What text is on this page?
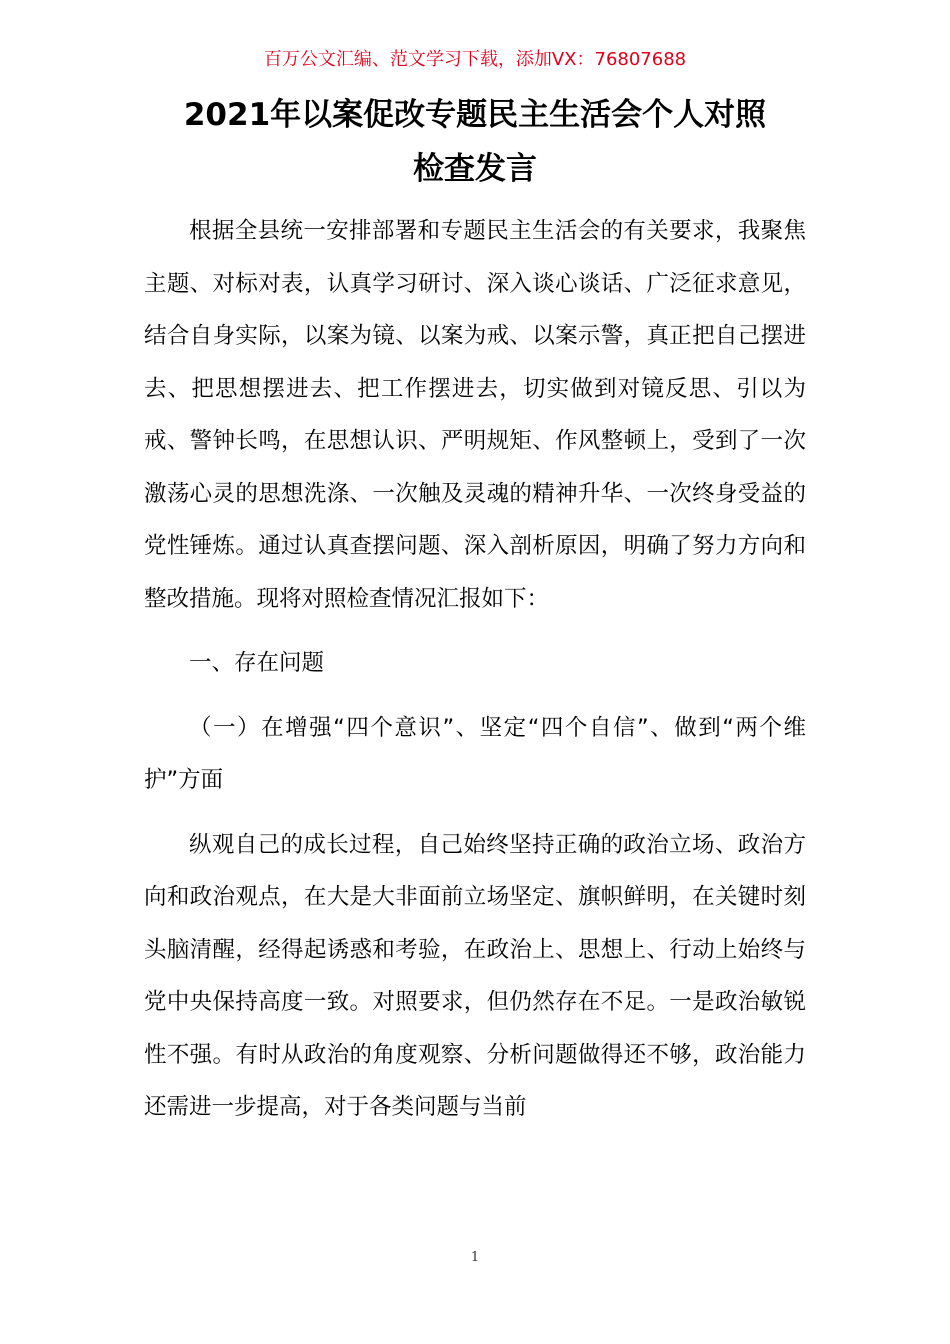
百万公文汇编、范文学习下载，添加VX：76807688
2021年以案促改专题民主生活会个人对照
检查发言

根据全县统一安排部署和专题民主生活会的有关要求，我聚焦主题、对标对表，认真学习研讨、深入谈心谈话、广泛征求意见，结合自身实际，以案为镜、以案为戒、以案示警，真正把自己摆进去、把思想摆进去、把工作摆进去，切实做到对镜反思、引以为戒、警钟长鸣，在思想认识、严明规矩、作风整顿上，受到了一次激荡心灵的思想洗涤、一次触及灵魂的精神升华、一次终身受益的党性锤炼。通过认真查摆问题、深入剖析原因，明确了努力方向和整改措施。现将对照检查情况汇报如下：

一、存在问题

（一）在增强“四个意识”、坚定“四个自信”、做到“两个维护”方面

纵观自己的成长过程，自己始终坚持正确的政治立场、政治方向和政治观点，在大是大非面前立场坚定、旗帜鲜明，在关键时刻头脑清醒，经得起诱惑和考验，在政治上、思想上、行动上始终与党中央保持高度一致。对照要求，但仍然存在不足。一是政治敏锐性不强。有时从政治的角度观察、分析问题做得还不够，政治能力还需进一步提高，对于各类问题与当前

1
